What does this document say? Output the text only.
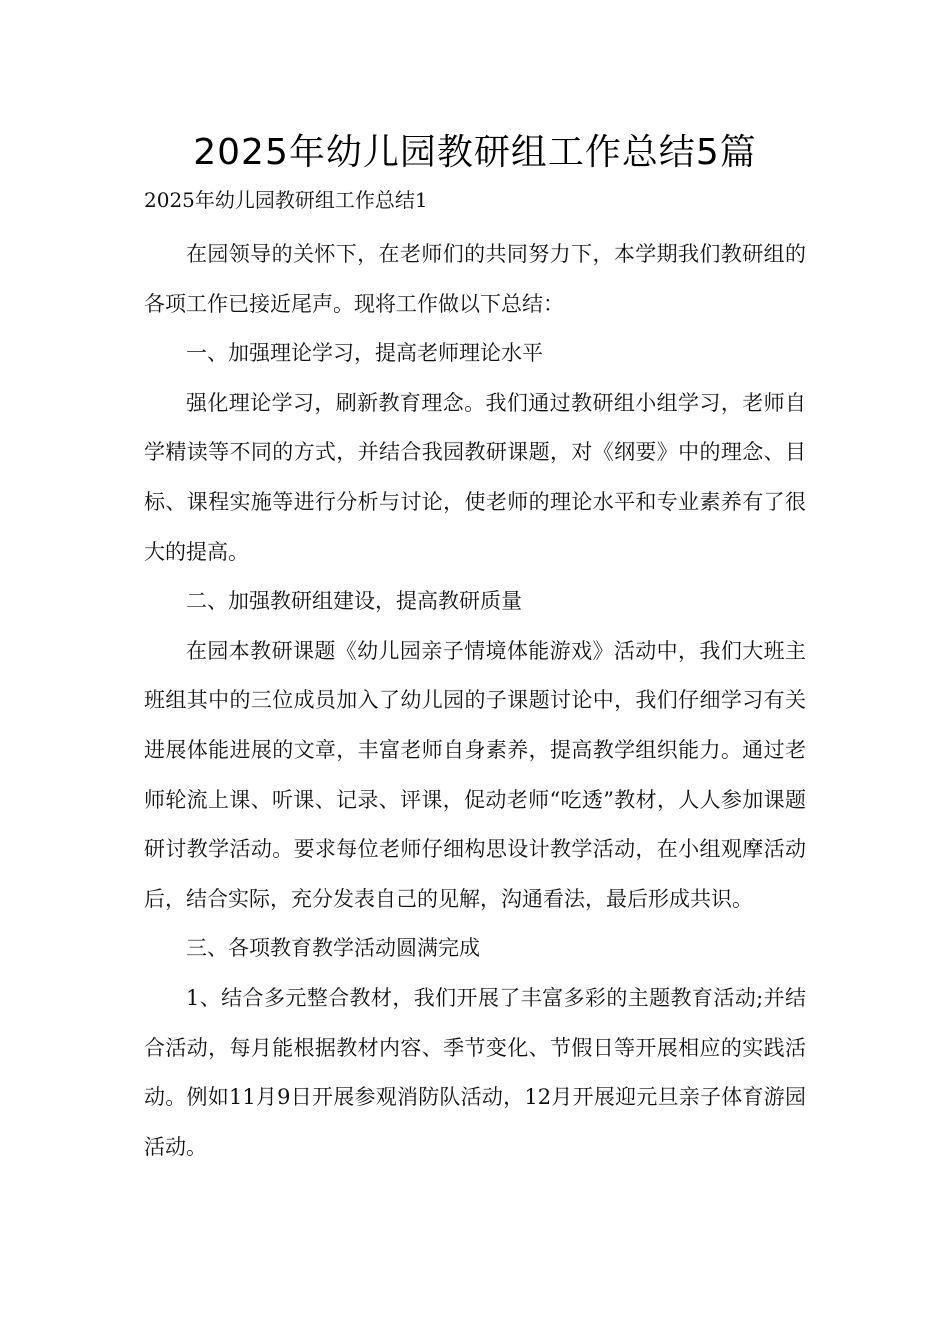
2025年幼儿园教研组工作总结5篇
2025年幼儿园教研组工作总结1

在园领导的关怀下，在老师们的共同努力下，本学期我们教研组的各项工作已接近尾声。现将工作做以下总结：

一、加强理论学习，提高老师理论水平

强化理论学习，刷新教育理念。我们通过教研组小组学习，老师自学精读等不同的方式，并结合我园教研课题，对《纲要》中的理念、目标、课程实施等进行分析与讨论，使老师的理论水平和专业素养有了很大的提高。

二、加强教研组建设，提高教研质量

在园本教研课题《幼儿园亲子情境体能游戏》活动中，我们大班主班组其中的三位成员加入了幼儿园的子课题讨论中，我们仔细学习有关进展体能进展的文章，丰富老师自身素养，提高教学组织能力。通过老师轮流上课、听课、记录、评课，促动老师“吃透”教材，人人参加课题研讨教学活动。要求每位老师仔细构思设计教学活动，在小组观摩活动后，结合实际，充分发表自己的见解，沟通看法，最后形成共识。

三、各项教育教学活动圆满完成

1、结合多元整合教材，我们开展了丰富多彩的主题教育活动;并结合活动，每月能根据教材内容、季节变化、节假日等开展相应的实践活动。例如11月9日开展参观消防队活动，12月开展迎元旦亲子体育游园活动。
